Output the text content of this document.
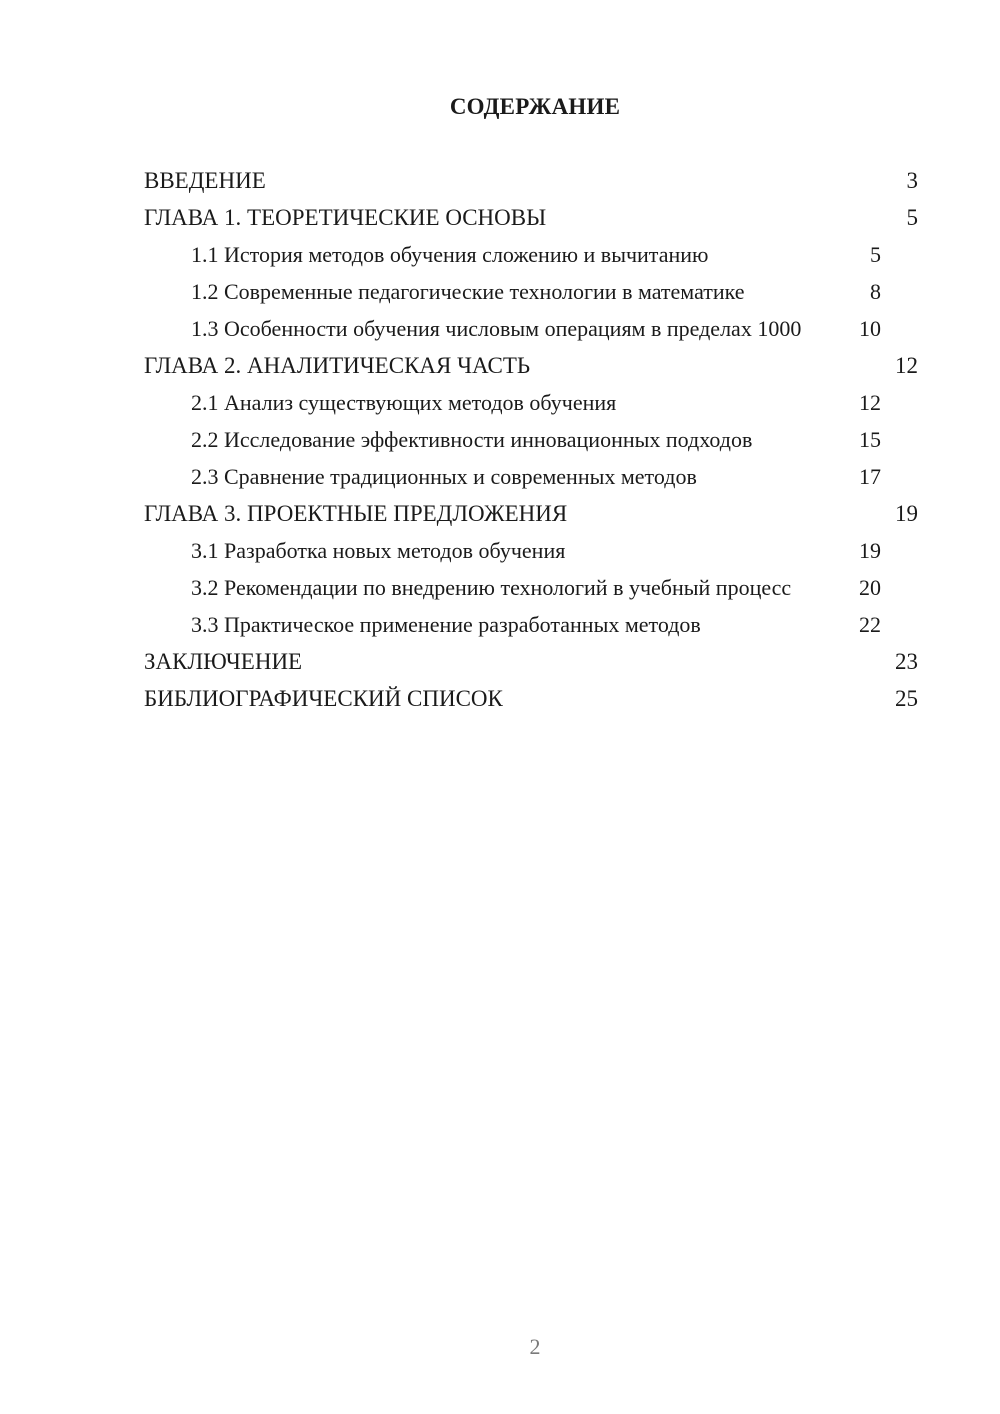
СОДЕРЖАНИЕ
ВВЕДЕНИЕ	3
ГЛАВА 1. ТЕОРЕТИЧЕСКИЕ ОСНОВЫ	5
1.1 История методов обучения сложению и вычитанию	5
1.2 Современные педагогические технологии в математике	8
1.3 Особенности обучения числовым операциям в пределах 1000	10
ГЛАВА 2. АНАЛИТИЧЕСКАЯ ЧАСТЬ	12
2.1 Анализ существующих методов обучения	12
2.2 Исследование эффективности инновационных подходов	15
2.3 Сравнение традиционных и современных методов	17
ГЛАВА 3. ПРОЕКТНЫЕ ПРЕДЛОЖЕНИЯ	19
3.1 Разработка новых методов обучения	19
3.2 Рекомендации по внедрению технологий в учебный процесс	20
3.3 Практическое применение разработанных методов	22
ЗАКЛЮЧЕНИЕ	23
БИБЛИОГРАФИЧЕСКИЙ СПИСОК	25
2
